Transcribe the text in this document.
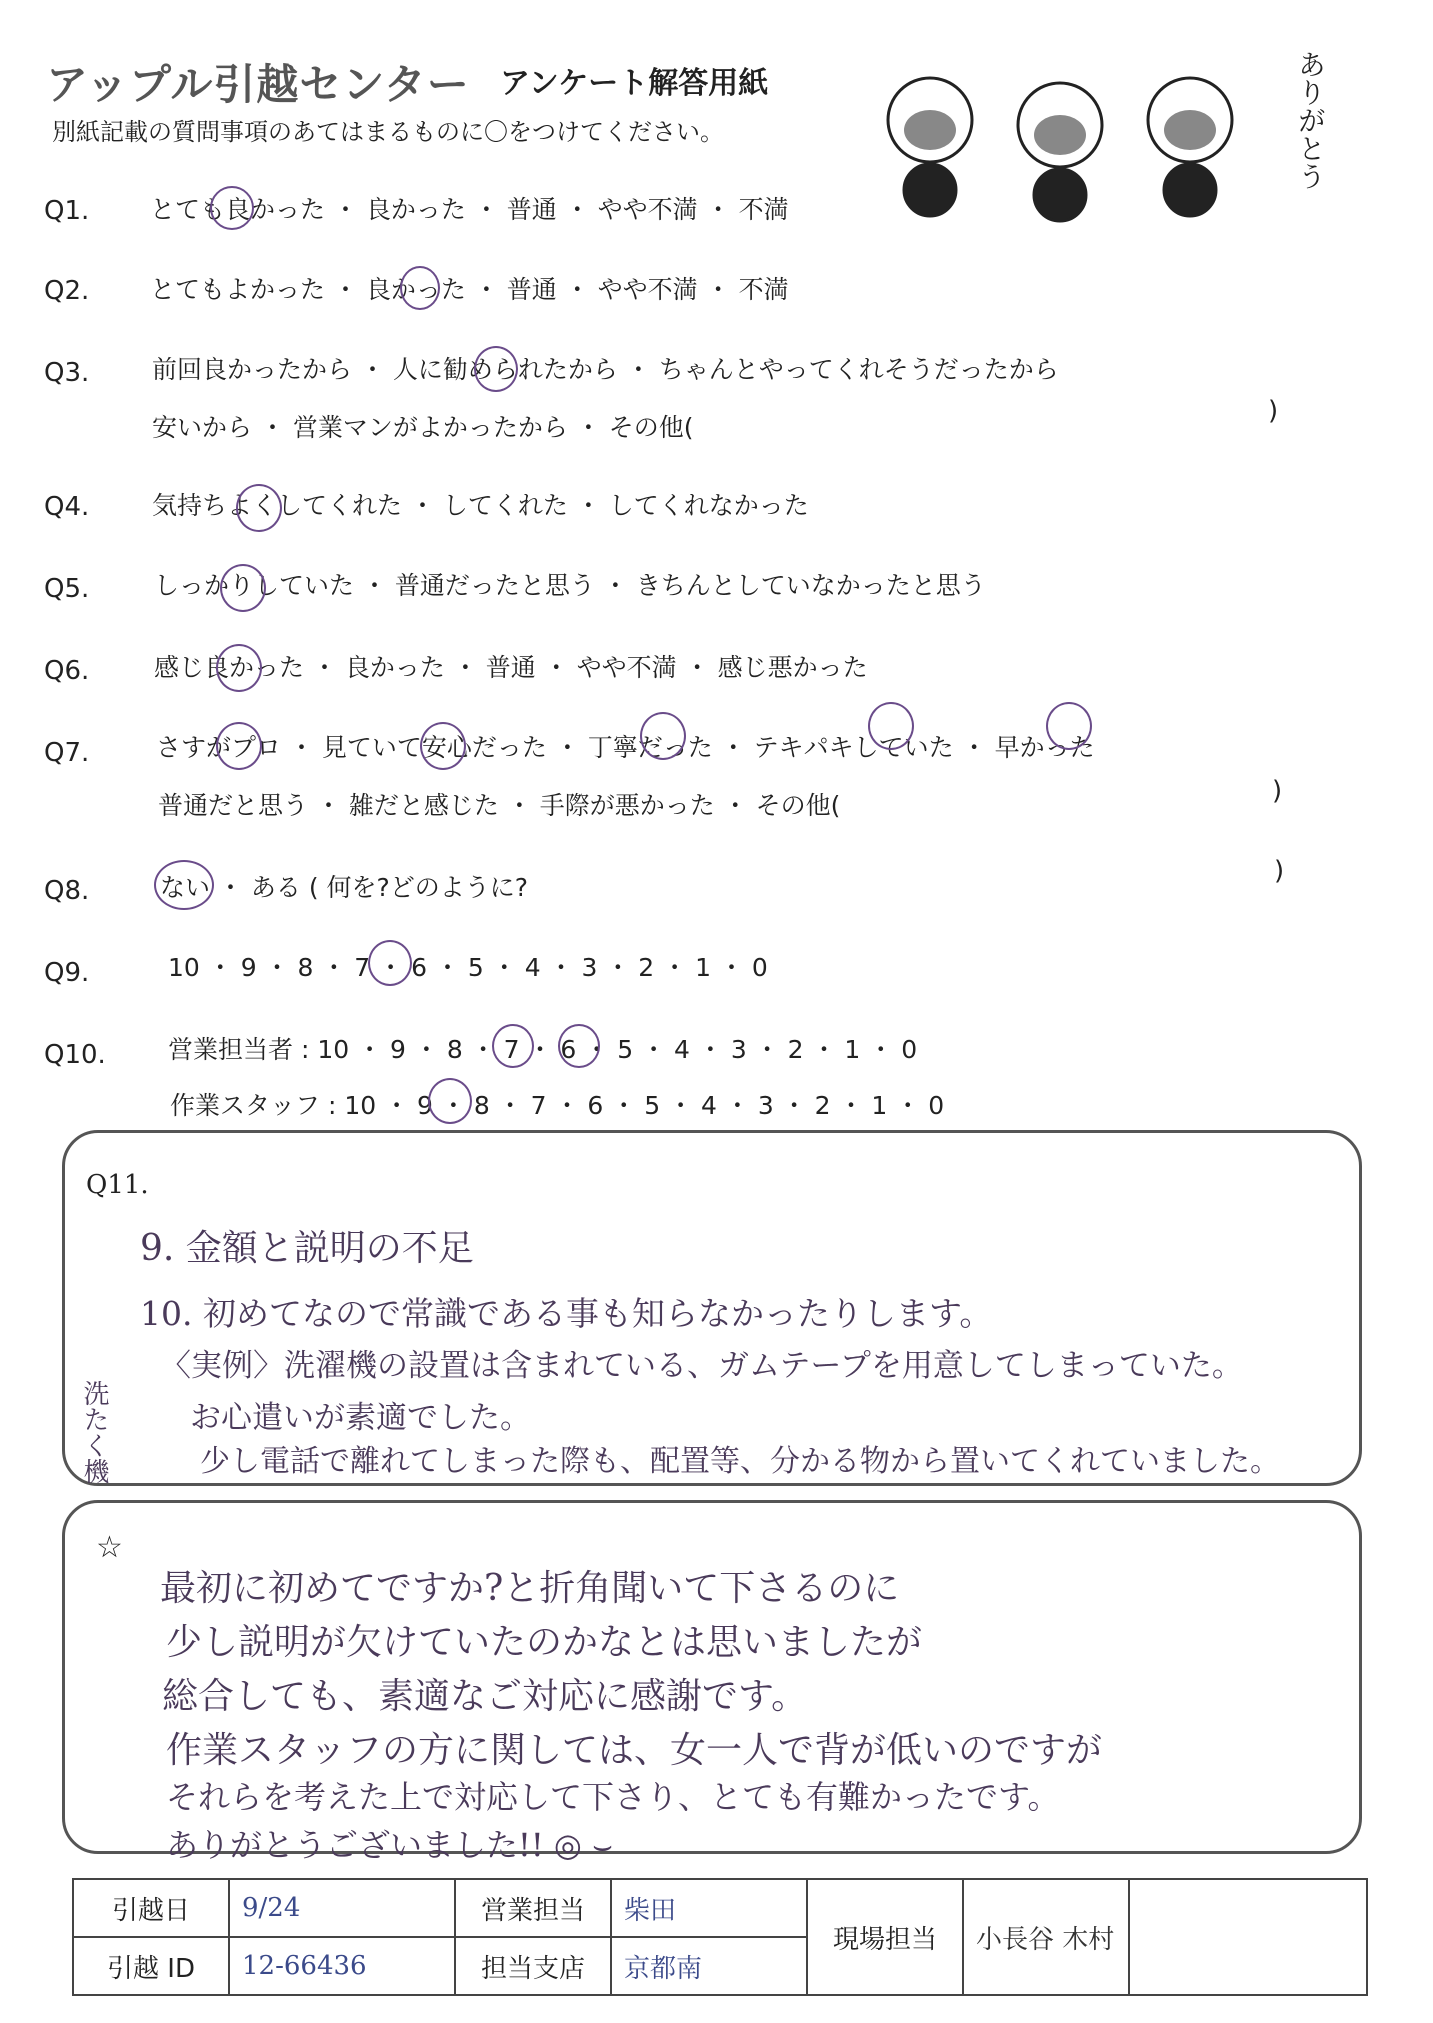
アップル引越センター アンケート解答用紙
別紙記載の質問事項のあてはまるものに〇をつけてください。	ありがとう
Q1. とても良かった ・ 良かった ・ 普通 ・ やや不満 ・ 不満
Q2. とてもよかった ・ 良かった ・ 普通 ・ やや不満 ・ 不満
Q3.	前回良かったから ・ 人に勧められたから ・ ちゃんとやってくれそうだったから
安いから ・ 営業マンがよかったから ・ その他(
)
Q4.	気持ちよくしてくれた ・ してくれた ・ してくれなかった
Q5.	しっかりしていた ・ 普通だったと思う ・ きちんとしていなかったと思う
Q6.	感じ良かった ・ 良かった ・ 普通 ・ やや不満 ・ 感じ悪かった
Q7.	さすがプロ ・ 見ていて安心だった ・ 丁寧だった ・ テキパキしていた ・ 早かった
普通だと思う ・ 雑だと感じた ・ 手際が悪かった ・ その他(	)
Q8.	ない ・ ある ( 何を?どのように?
)
Q9.	10 ・ 9 ・ 8 ・ 7 ・ 6 ・ 5 ・ 4 ・ 3 ・ 2 ・ 1 ・ 0
Q10. 営業担当者 : 10 ・ 9 ・ 8 ・ 7 ・ 6 ・ 5 ・ 4 ・ 3 ・ 2 ・ 1 ・ 0
作業スタッフ : 10 ・ 9 ・ 8 ・ 7 ・ 6 ・ 5 ・ 4 ・ 3 ・ 2 ・ 1 ・ 0
Q11.
9. 金額と説明の不足
10. 初めてなので常識である事も知らなかったりします。
〈実例〉洗濯機の設置は含まれている、ガムテープを用意してしまっていた。
お心遣いが素適でした。
少し電話で離れてしまった際も、配置等、分かる物から置いてくれていました。
洗たく機
☆
最初に初めてですか?と折角聞いて下さるのに
少し説明が欠けていたのかなとは思いましたが
総合しても、素適なご対応に感謝です。
作業スタッフの方に関しては、女一人で背が低いのですが
それらを考えた上で対応して下さり、とても有難かったです。
ありがとうございました!! ◎ ⌣
引越日	9/24	営業担当	柴田	現場担当	小長谷 木村	
引越 ID	12-66436	担当支店	京都南			
